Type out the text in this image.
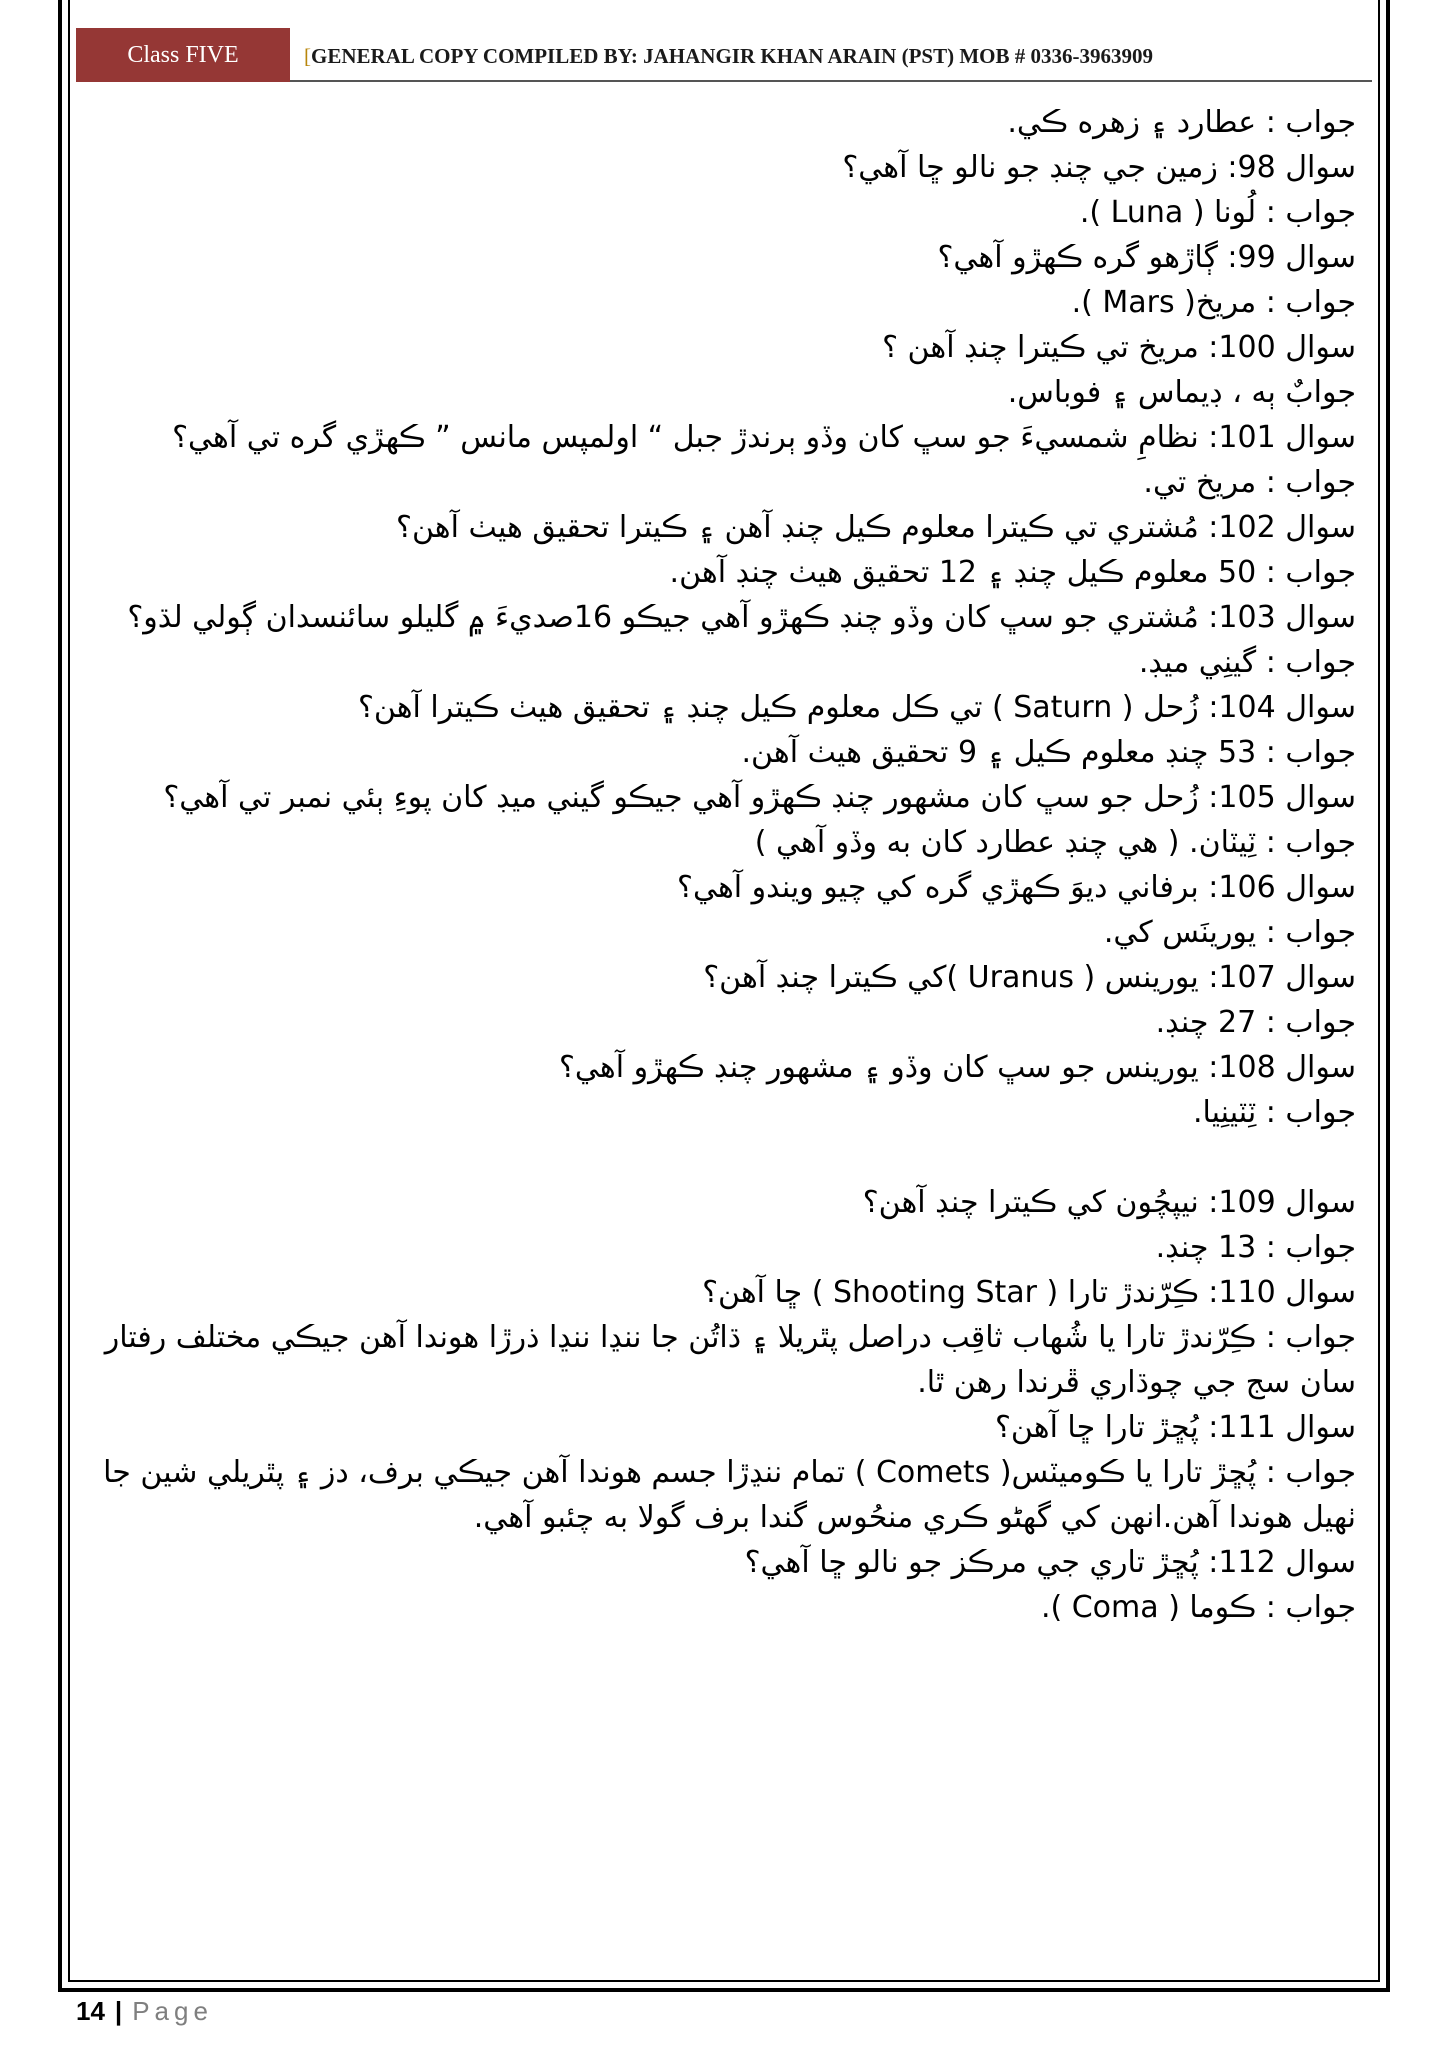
Class FIVE	[GENERAL COPY COMPILED BY: JAHANGIR KHAN ARAIN (PST) MOB # 0336-3963909
جواب : عطارد ۽ زهره ڪي.
سوال 98: زمين جي چنڊ جو نالو ڇا آهي؟
جواب : لُونا ( Luna ).
سوال 99: ڳاڙهو گره ڪهڙو آهي؟
جواب : مريخ( Mars ).
سوال 100: مريخ تي ڪيترا چنڊ آهن ؟
جوابٌ ٻه ، ڊيماس ۽ فوباس.
سوال 101: نظامِ شمسيءَ جو سڀ کان وڏو ٻرندڙ جبل “ اولمپس مانس ” ڪهڙي گره تي آهي؟
جواب : مريخ تي.
سوال 102: مُشتري تي ڪيترا معلوم ڪيل چنڊ آهن ۽ ڪيترا تحقيق هيٺ آهن؟
جواب : 50 معلوم ڪيل چنڊ ۽ 12 تحقيق هيٺ چنڊ آهن.
سوال 103: مُشتري جو سڀ کان وڏو چنڊ ڪهڙو آهي جيڪو 16صديءَ ۾ گليلو سائنسدان ڳولي لڌو؟
جواب : گينِي ميڊ.
سوال 104: زُحل ( Saturn ) تي ڪل معلوم ڪيل چنڊ ۽ تحقيق هيٺ ڪيترا آهن؟
جواب : 53 چنڊ معلوم ڪيل ۽ 9 تحقيق هيٺ آهن.
سوال 105: زُحل جو سڀ کان مشهور چنڊ ڪهڙو آهي جيڪو گيني ميڊ کان پوءِ ٻئي نمبر تي آهي؟
جواب : ٽِيٽان. ( هي چنڊ عطارد کان به وڏو آهي )
سوال 106: برفاني ديوَ ڪهڙي گره کي چيو ويندو آهي؟
جواب : يورينَس کي.
سوال 107: يورينس ( Uranus )کي ڪيترا چنڊ آهن؟
جواب : 27 چنڊ.
سوال 108: يورينس جو سڀ کان وڏو ۽ مشهور چنڊ ڪهڙو آهي؟
جواب : ٽِٽينِيا.
سوال 109: نيپچُون کي ڪيترا چنڊ آهن؟
جواب : 13 چنڊ.
سوال 110: ڪِرّندڙ تارا ( Shooting Star ) ڇا آهن؟
جواب : ڪِرّندڙ تارا يا شُهاب ثاقِب دراصل پٿريلا ۽ ڌاتُن جا ننڍا ننڍا ذرڙا هوندا آهن جيڪي مختلف رفتار سان سج جي چوڌاري ڦرندا رهن ٿا.
سوال 111: پُڇڙ تارا ڇا آهن؟
جواب : پُڇڙ تارا يا ڪوميٽس( Comets ) تمام ننڍڙا جسم هوندا آهن جيڪي برف، دز ۽ پٿريلي شين جا ٺهيل هوندا آهن.انهن کي گهڻو ڪري منحُوس گندا برف گولا به چئبو آهي.
سوال 112: پُڇڙ تاري جي مرڪز جو نالو ڇا آهي؟
جواب : ڪوما ( Coma ).
14 | Page
